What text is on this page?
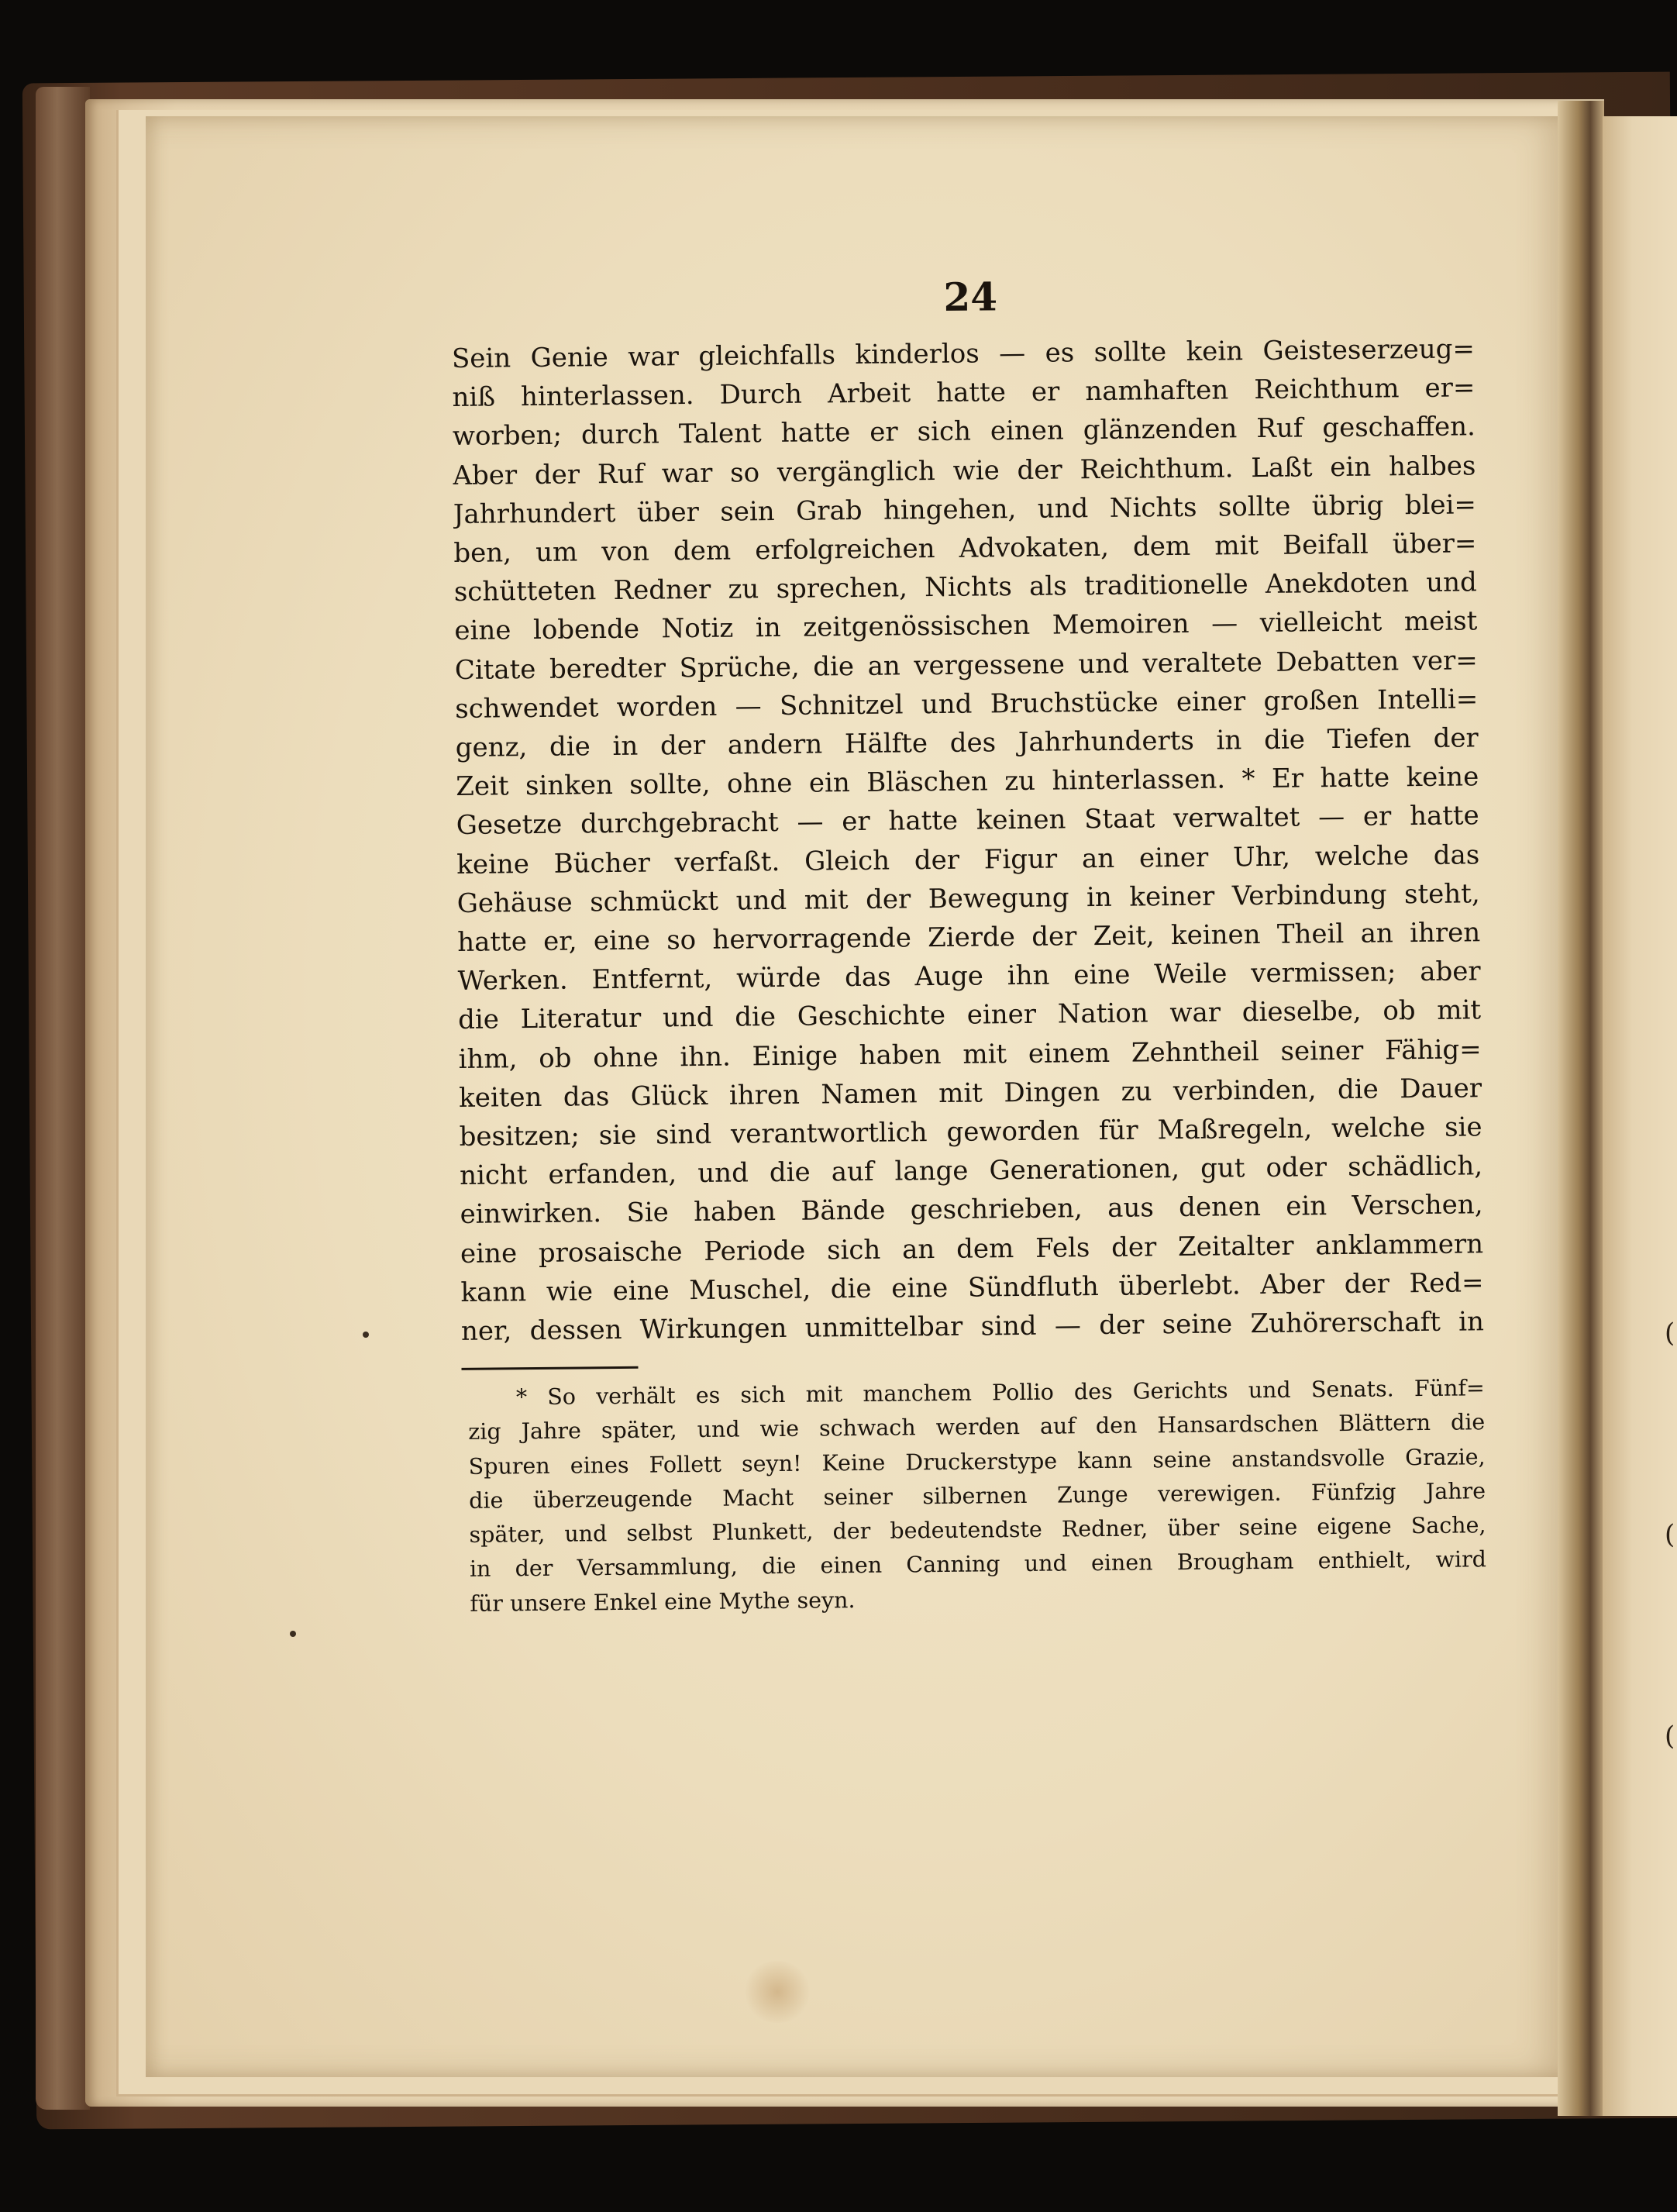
(
(
(
24
Sein Genie war gleichfalls kinderlos — es sollte kein Geisteserzeug=
niß hinterlassen. Durch Arbeit hatte er namhaften Reichthum er=
worben; durch Talent hatte er sich einen glänzenden Ruf geschaffen.
Aber der Ruf war so vergänglich wie der Reichthum. Laßt ein halbes
Jahrhundert über sein Grab hingehen, und Nichts sollte übrig blei=
ben, um von dem erfolgreichen Advokaten, dem mit Beifall über=
schütteten Redner zu sprechen, Nichts als traditionelle Anekdoten und
eine lobende Notiz in zeitgenössischen Memoiren — vielleicht meist
Citate beredter Sprüche, die an vergessene und veraltete Debatten ver=
schwendet worden — Schnitzel und Bruchstücke einer großen Intelli=
genz, die in der andern Hälfte des Jahrhunderts in die Tiefen der
Zeit sinken sollte, ohne ein Bläschen zu hinterlassen. * Er hatte keine
Gesetze durchgebracht — er hatte keinen Staat verwaltet — er hatte
keine Bücher verfaßt. Gleich der Figur an einer Uhr, welche das
Gehäuse schmückt und mit der Bewegung in keiner Verbindung steht,
hatte er, eine so hervorragende Zierde der Zeit, keinen Theil an ihren
Werken. Entfernt, würde das Auge ihn eine Weile vermissen; aber
die Literatur und die Geschichte einer Nation war dieselbe, ob mit
ihm, ob ohne ihn. Einige haben mit einem Zehntheil seiner Fähig=
keiten das Glück ihren Namen mit Dingen zu verbinden, die Dauer
besitzen; sie sind verantwortlich geworden für Maßregeln, welche sie
nicht erfanden, und die auf lange Generationen, gut oder schädlich,
einwirken. Sie haben Bände geschrieben, aus denen ein Verschen,
eine prosaische Periode sich an dem Fels der Zeitalter anklammern
kann wie eine Muschel, die eine Sündfluth überlebt. Aber der Red=
ner, dessen Wirkungen unmittelbar sind — der seine Zuhörerschaft in
* So verhält es sich mit manchem Pollio des Gerichts und Senats. Fünf=
zig Jahre später, und wie schwach werden auf den Hansardschen Blättern die
Spuren eines Follett seyn! Keine Druckerstype kann seine anstandsvolle Grazie,
die überzeugende Macht seiner silbernen Zunge verewigen. Fünfzig Jahre
später, und selbst Plunkett, der bedeutendste Redner, über seine eigene Sache,
in der Versammlung, die einen Canning und einen Brougham enthielt, wird
für unsere Enkel eine Mythe seyn.
